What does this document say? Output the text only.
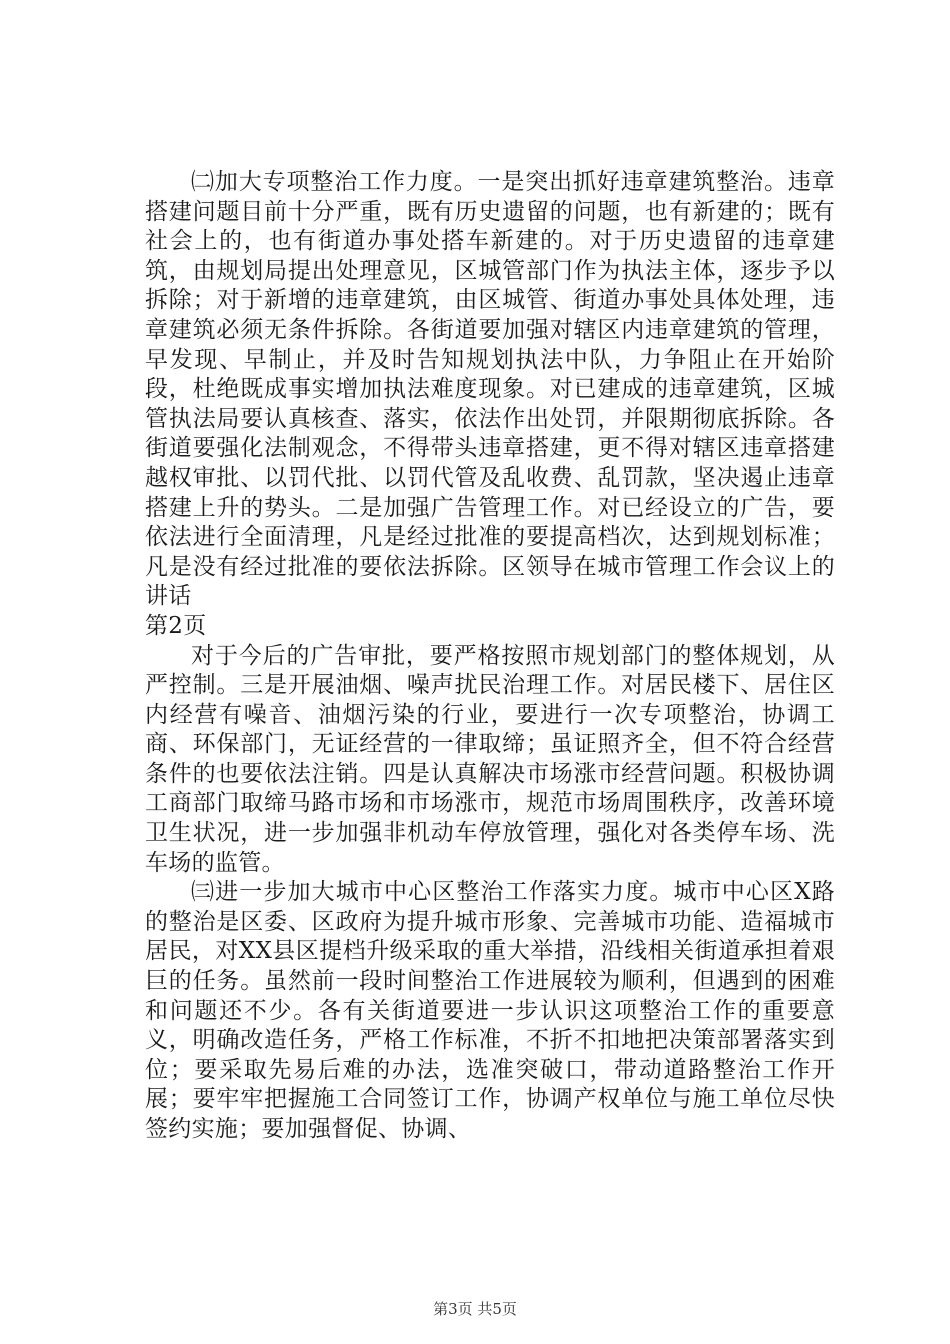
㈡加大专项整治工作力度。一是突出抓好违章建筑整治。违章搭建问题目前十分严重，既有历史遗留的问题，也有新建的；既有社会上的，也有街道办事处搭车新建的。对于历史遗留的违章建筑，由规划局提出处理意见，区城管部门作为执法主体，逐步予以拆除；对于新增的违章建筑，由区城管、街道办事处具体处理，违章建筑必须无条件拆除。各街道要加强对辖区内违章建筑的管理，早发现、早制止，并及时告知规划执法中队，力争阻止在开始阶段，杜绝既成事实增加执法难度现象。对已建成的违章建筑，区城管执法局要认真核查、落实，依法作出处罚，并限期彻底拆除。各街道要强化法制观念，不得带头违章搭建，更不得对辖区违章搭建越权审批、以罚代批、以罚代管及乱收费、乱罚款，坚决遏止违章搭建上升的势头。二是加强广告管理工作。对已经设立的广告，要依法进行全面清理，凡是经过批准的要提高档次，达到规划标准；凡是没有经过批准的要依法拆除。区领导在城市管理工作会议上的讲话

第2页

对于今后的广告审批，要严格按照市规划部门的整体规划，从严控制。三是开展油烟、噪声扰民治理工作。对居民楼下、居住区内经营有噪音、油烟污染的行业，要进行一次专项整治，协调工商、环保部门，无证经营的一律取缔；虽证照齐全，但不符合经营条件的也要依法注销。四是认真解决市场涨市经营问题。积极协调工商部门取缔马路市场和市场涨市，规范市场周围秩序，改善环境卫生状况，进一步加强非机动车停放管理，强化对各类停车场、洗车场的监管。

㈢进一步加大城市中心区整治工作落实力度。城市中心区X路的整治是区委、区政府为提升城市形象、完善城市功能、造福城市居民，对XX县区提档升级采取的重大举措，沿线相关街道承担着艰巨的任务。虽然前一段时间整治工作进展较为顺利，但遇到的困难和问题还不少。各有关街道要进一步认识这项整治工作的重要意义，明确改造任务，严格工作标准，不折不扣地把决策部署落实到位；要采取先易后难的办法，选准突破口，带动道路整治工作开展；要牢牢把握施工合同签订工作，协调产权单位与施工单位尽快签约实施；要加强督促、协调、

第3页 共5页
